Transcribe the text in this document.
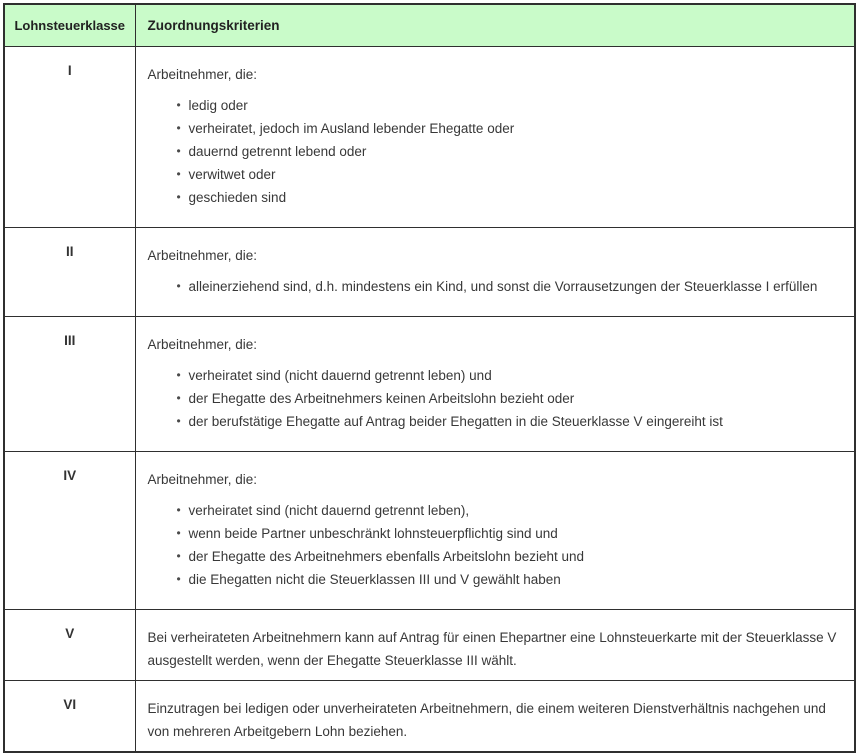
Lohnsteuerklasse	Zuordnungskriterien
I	Arbeitnehmer, die:

• ledig oder
• verheiratet, jedoch im Ausland lebender Ehegatte oder
• dauernd getrennt lebend oder
• verwitwet oder
• geschieden sind

II	Arbeitnehmer, die:

• alleinerziehend sind, d.h. mindestens ein Kind, und sonst die Vorrausetzungen der Steuerklasse I erfüllen

III	Arbeitnehmer, die:

• verheiratet sind (nicht dauernd getrennt leben) und
• der Ehegatte des Arbeitnehmers keinen Arbeitslohn bezieht oder
• der berufstätige Ehegatte auf Antrag beider Ehegatten in die Steuerklasse V eingereiht ist

IV	Arbeitnehmer, die:

• verheiratet sind (nicht dauernd getrennt leben),
• wenn beide Partner unbeschränkt lohnsteuerpflichtig sind und
• der Ehegatte des Arbeitnehmers ebenfalls Arbeitslohn bezieht und
• die Ehegatten nicht die Steuerklassen III und V gewählt haben

V	Bei verheirateten Arbeitnehmern kann auf Antrag für einen Ehepartner eine Lohnsteuerkarte mit der Steuerklasse V ausgestellt werden, wenn der Ehegatte Steuerklasse III wählt.

VI	Einzutragen bei ledigen oder unverheirateten Arbeitnehmern, die einem weiteren Dienstverhältnis nachgehen und von mehreren Arbeitgebern Lohn beziehen.
